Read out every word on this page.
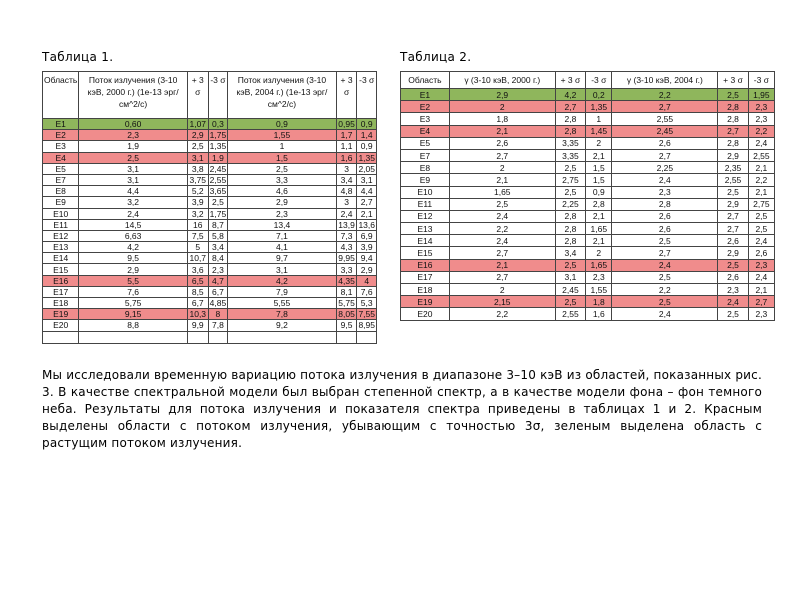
Таблица 1.	Таблица 2.
Область	Поток излучения (3-10 кэВ, 2000 г.) (1е-13 эрг/см^2/с)	+ 3 σ	-3 σ	Поток излучения (3-10 кэВ, 2004 г.) (1е-13 эрг/см^2/с)	+ 3 σ	-3 σ
E1	0,60	1,07	0,3	0,9	0,95	0,9
E2	2,3	2,9	1,75	1,55	1,7	1,4
E3	1,9	2,5	1,35	1	1,1	0,9
E4	2,5	3,1	1,9	1,5	1,6	1,35
E5	3,1	3,8	2,45	2,5	3	2,05
E7	3,1	3,75	2,55	3,3	3,4	3,1
E8	4,4	5,2	3,65	4,6	4,8	4,4
E9	3,2	3,9	2,5	2,9	3	2,7
E10	2,4	3,2	1,75	2,3	2,4	2,1
E11	14,5	16	8,7	13,4	13,9	13,6
E12	6,63	7,5	5,8	7,1	7,3	6,9
E13	4,2	5	3,4	4,1	4,3	3,9
E14	9,5	10,7	8,4	9,7	9,95	9,4
E15	2,9	3,6	2,3	3,1	3,3	2,9
E16	5,5	6,5	4,7	4,2	4,35	4
E17	7,6	8,5	6,7	7,9	8,1	7,6
E18	5,75	6,7	4,85	5,55	5,75	5,3
E19	9,15	10,3	8	7,8	8,05	7,55
E20	8,8	9,9	7,8	9,2	9,5	8,95

Область	γ (3-10 кэВ, 2000 г.)	+ 3 σ	-3 σ	γ (3-10 кэВ, 2004 г.)	+ 3 σ	-3 σ
E1	2,9	4,2	0,2	2,2	2,5	1,95
E2	2	2,7	1,35	2,7	2,8	2,3
E3	1,8	2,8	1	2,55	2,8	2,3
E4	2,1	2,8	1,45	2,45	2,7	2,2
E5	2,6	3,35	2	2,6	2,8	2,4
E7	2,7	3,35	2,1	2,7	2,9	2,55
E8	2	2,5	1,5	2,25	2,35	2,1
E9	2,1	2,75	1,5	2,4	2,55	2,2
E10	1,65	2,5	0,9	2,3	2,5	2,1
E11	2,5	2,25	2,8	2,8	2,9	2,75
E12	2,4	2,8	2,1	2,6	2,7	2,5
E13	2,2	2,8	1,65	2,6	2,7	2,5
E14	2,4	2,8	2,1	2,5	2,6	2,4
E15	2,7	3,4	2	2,7	2,9	2,6
E16	2,1	2,5	1,65	2,4	2,5	2,3
E17	2,7	3,1	2,3	2,5	2,6	2,4
E18	2	2,45	1,55	2,2	2,3	2,1
E19	2,15	2,5	1,8	2,5	2,4	2,7
E20	2,2	2,55	1,6	2,4	2,5	2,3
Мы исследовали временную вариацию потока излучения в диапазоне 3–10 кэВ из областей, показанных рис. 3. В качестве спектральной модели был выбран степенной спектр, а в качестве модели фона – фон темного неба. Результаты для потока излучения и показателя спектра приведены в таблицах 1 и 2. Красным выделены области с потоком излучения, убывающим с точностью 3σ, зеленым выделена область с растущим потоком излучения.
